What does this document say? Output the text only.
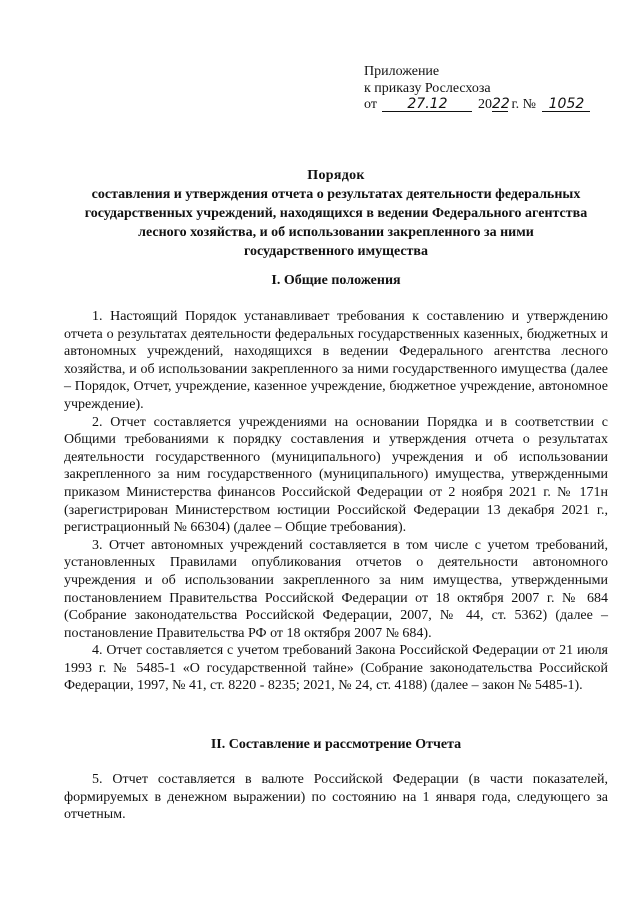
Приложение
к приказу Рослесхоза
от 27.12 2022 г. № 1052
Порядок
составления и утверждения отчета о результатах деятельности федеральных
государственных учреждений, находящихся в ведении Федерального агентства
лесного хозяйства, и об использовании закрепленного за ними
государственного имущества
I. Общие положения

1. Настоящий Порядок устанавливает требования к составлению и утверждению отчета о результатах деятельности федеральных государственных казенных, бюджетных и автономных учреждений, находящихся в ведении Федерального агентства лесного хозяйства, и об использовании закрепленного за ними государственного имущества (далее – Порядок, Отчет, учреждение, казенное учреждение, бюджетное учреждение, автономное учреждение).

2. Отчет составляется учреждениями на основании Порядка и в соответствии с Общими требованиями к порядку составления и утверждения отчета о результатах деятельности государственного (муниципального) учреждения и об использовании закрепленного за ним государственного (муниципального) имущества, утвержденными приказом Министерства финансов Российской Федерации от 2 ноября 2021 г. № 171н (зарегистрирован Министерством юстиции Российской Федерации 13 декабря 2021 г., регистрационный № 66304) (далее – Общие требования).

3. Отчет автономных учреждений составляется в том числе с учетом требований, установленных Правилами опубликования отчетов о деятельности автономного учреждения и об использовании закрепленного за ним имущества, утвержденными постановлением Правительства Российской Федерации от 18 октября 2007 г. № 684 (Собрание законодательства Российской Федерации, 2007, № 44, ст. 5362) (далее – постановление Правительства РФ от 18 октября 2007 № 684).

4. Отчет составляется с учетом требований Закона Российской Федерации от 21 июля 1993 г. № 5485-1 «О государственной тайне» (Собрание законодательства Российской Федерации, 1997, № 41, ст. 8220 - 8235; 2021, № 24, ст. 4188) (далее – закон № 5485-1).

II. Составление и рассмотрение Отчета

5. Отчет составляется в валюте Российской Федерации (в части показателей, формируемых в денежном выражении) по состоянию на 1 января года, следующего за отчетным.
